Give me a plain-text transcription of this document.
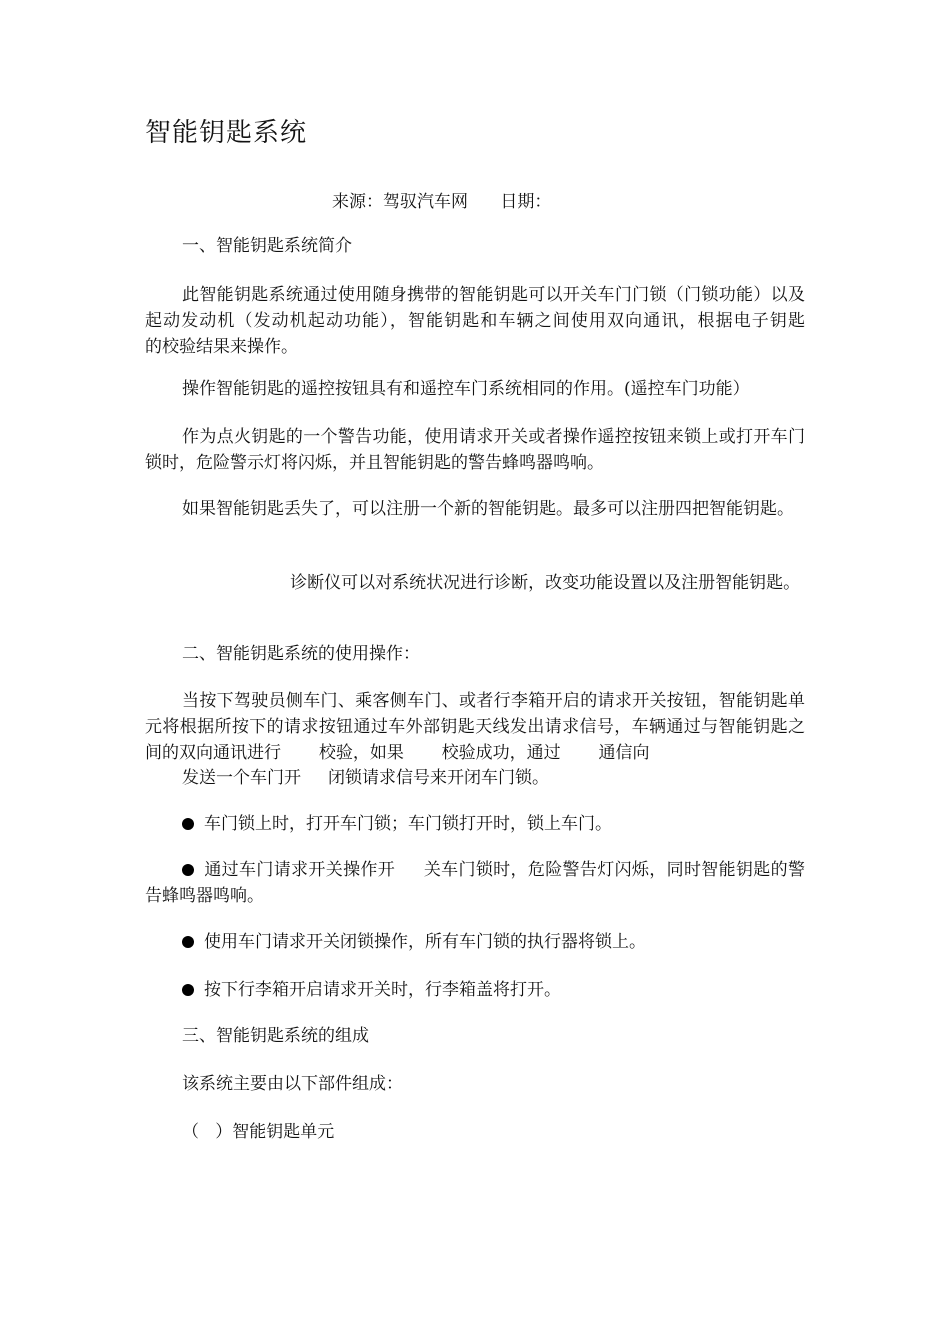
智能钥匙系统
来源：驾驭汽车网      日期：
一、智能钥匙系统简介
此智能钥匙系统通过使用随身携带的智能钥匙可以开关车门门锁（门锁功能）以及起动发动机（发动机起动功能），智能钥匙和车辆之间使用双向通讯，根据电子钥匙       的校验结果来操作。
操作智能钥匙的遥控按钮具有和遥控车门系统相同的作用。(遥控车门功能）
作为点火钥匙的一个警告功能，使用请求开关或者操作遥控按钮来锁上或打开车门锁时，危险警示灯将闪烁，并且智能钥匙的警告蜂鸣器鸣响。
如果智能钥匙丢失了，可以注册一个新的智能钥匙。最多可以注册四把智能钥匙。
诊断仪可以对系统状况进行诊断，改变功能设置以及注册智能钥匙。
二、智能钥匙系统的使用操作：
当按下驾驶员侧车门、乘客侧车门、或者行李箱开启的请求开关按钮，智能钥匙单元将根据所按下的请求按钮通过车外部钥匙天线发出请求信号，车辆通过与智能钥匙之间的双向通讯进行       校验，如果       校验成功，通过       通信向
发送一个车门开     闭锁请求信号来开闭车门锁。
车门锁上时，打开车门锁；车门锁打开时，锁上车门。
通过车门请求开关操作开     关车门锁时，危险警告灯闪烁，同时智能钥匙的警告蜂鸣器鸣响。
使用车门请求开关闭锁操作，所有车门锁的执行器将锁上。
按下行李箱开启请求开关时，行李箱盖将打开。
三、智能钥匙系统的组成
该系统主要由以下部件组成：
（   ）智能钥匙单元
